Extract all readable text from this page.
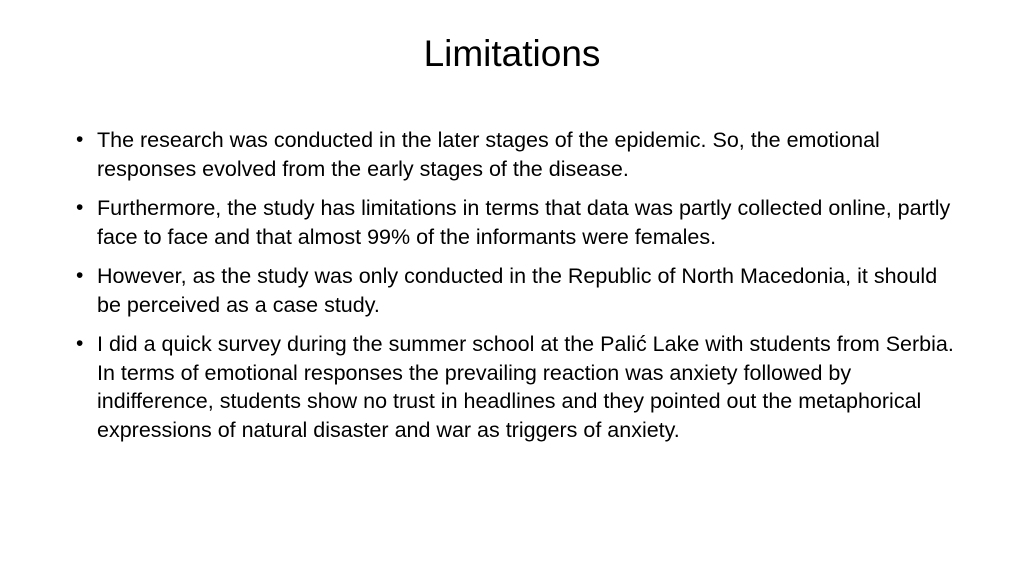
Limitations
• The research was conducted in the later stages of the epidemic. So, the emotional responses evolved from the early stages of the disease.
• Furthermore, the study has limitations in terms that data was partly collected online, partly face to face and that almost 99% of the informants were females.
• However, as the study was only conducted in the Republic of North Macedonia, it should be perceived as a case study.
• I did a quick survey during the summer school at the Palić Lake with students from Serbia. In terms of emotional responses the prevailing reaction was anxiety followed by indifference, students show no trust in headlines and they pointed out the metaphorical expressions of natural disaster and war as triggers of anxiety.
